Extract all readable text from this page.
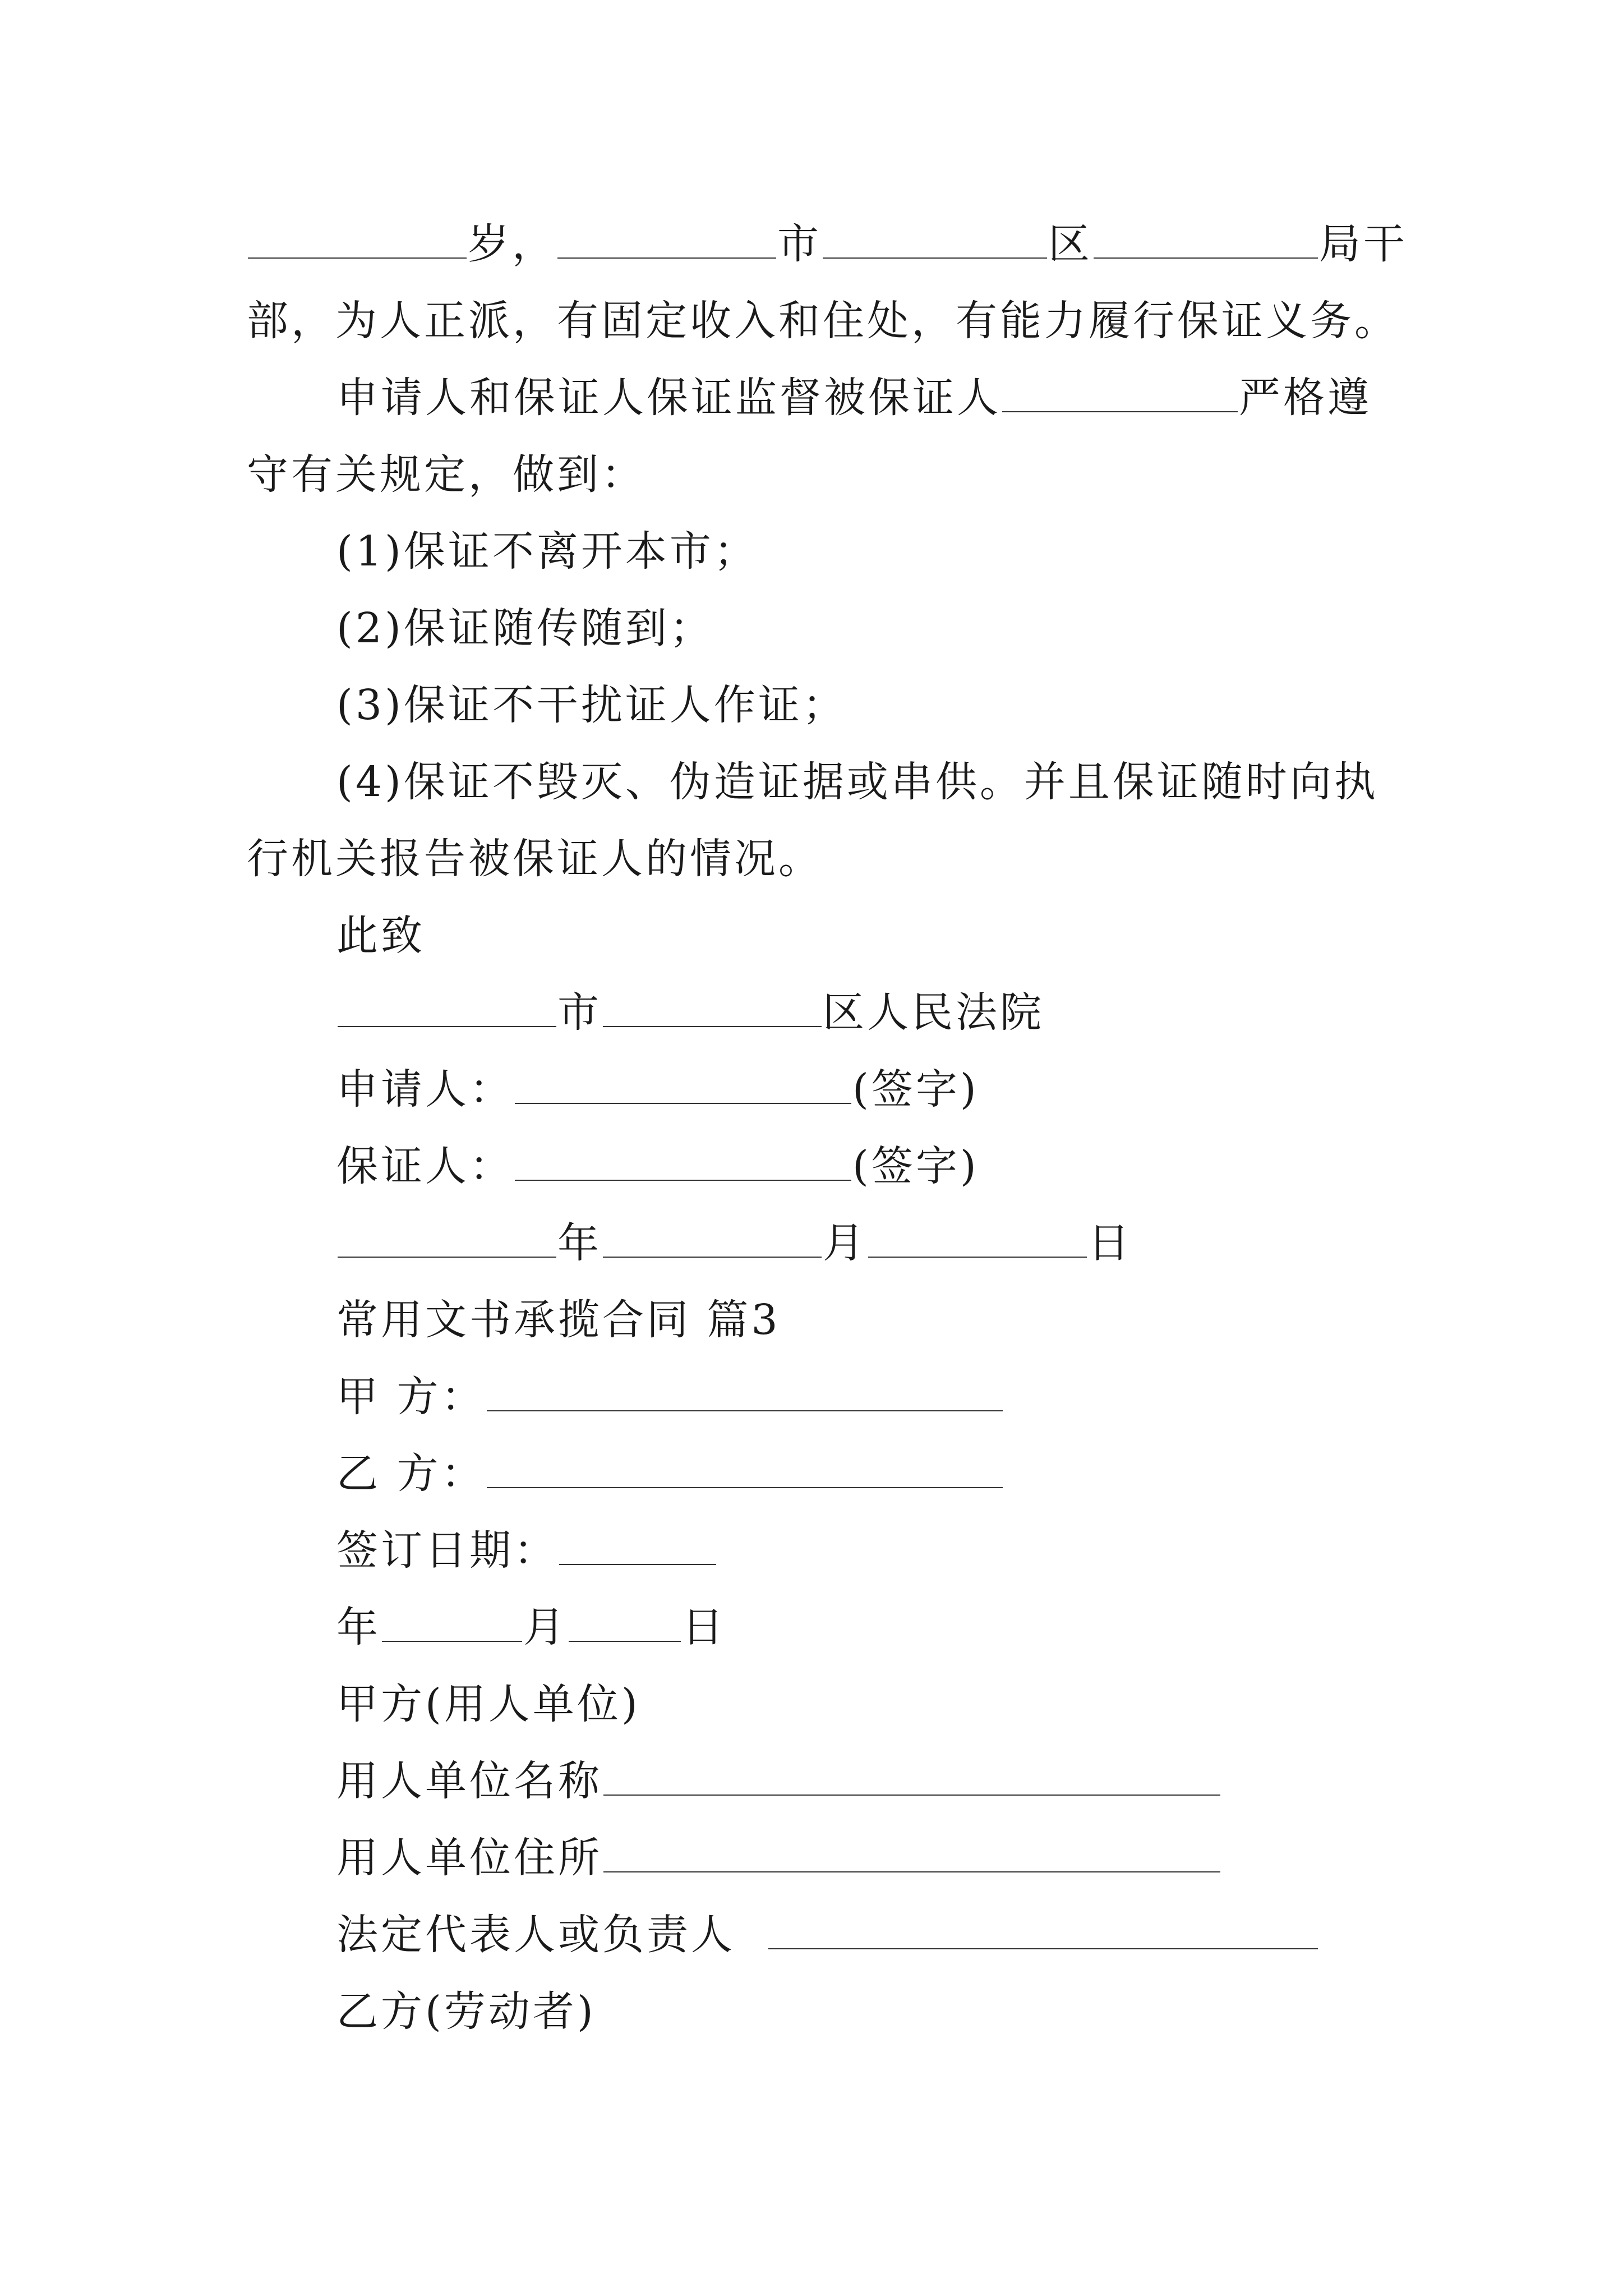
岁，	市	区	局干
部，为人正派，有固定收入和住处，有能力履行保证义务。
申请人和保证人保证监督被保证人	严格遵
守有关规定，做到：
(1)保证不离开本市；
(2)保证随传随到；
(3)保证不干扰证人作证；
(4)保证不毁灭、伪造证据或串供。并且保证随时向执
行机关报告被保证人的情况。
此致
市	区人民法院
申请人：	(签字)
保证人：	(签字)
年	月	日
常用文书承揽合同 篇3
甲 方：
乙 方：
签订日期：
年	月	日
甲方(用人单位)
用人单位名称
用人单位住所
法定代表人或负责人
乙方(劳动者)
